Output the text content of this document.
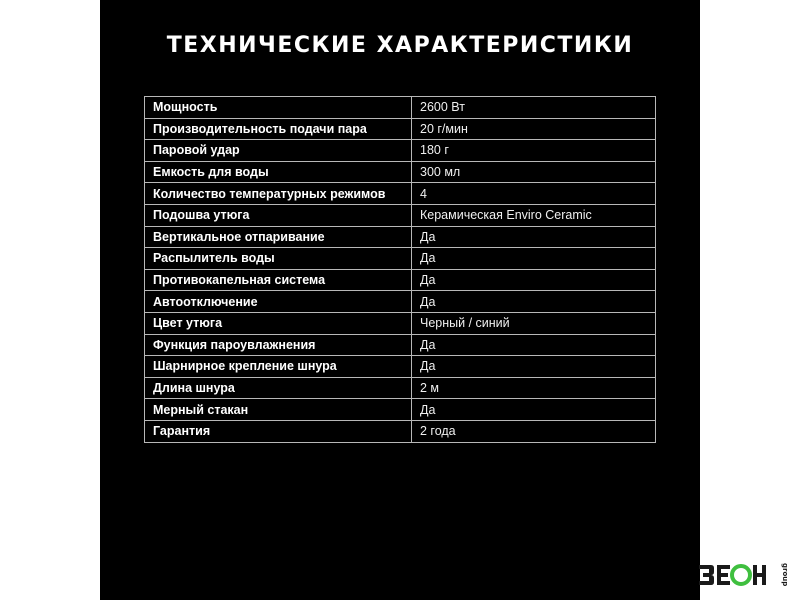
ТЕХНИЧЕСКИЕ ХАРАКТЕРИСТИКИ
Мощность	2600 Вт
Производительность подачи пара	20 г/мин
Паровой удар	180 г
Емкость для воды	300 мл
Количество температурных режимов	4
Подошва утюга	Керамическая Enviro Ceramic
Вертикальное отпаривание	Да
Распылитель воды	Да
Противокапельная система	Да
Автоотключение	Да
Цвет утюга	Черный / синий
Функция пароувлажнения	Да
Шарнирное крепление шнура	Да
Длина шнура	2 м
Мерный стакан	Да
Гарантия	2 года
group
